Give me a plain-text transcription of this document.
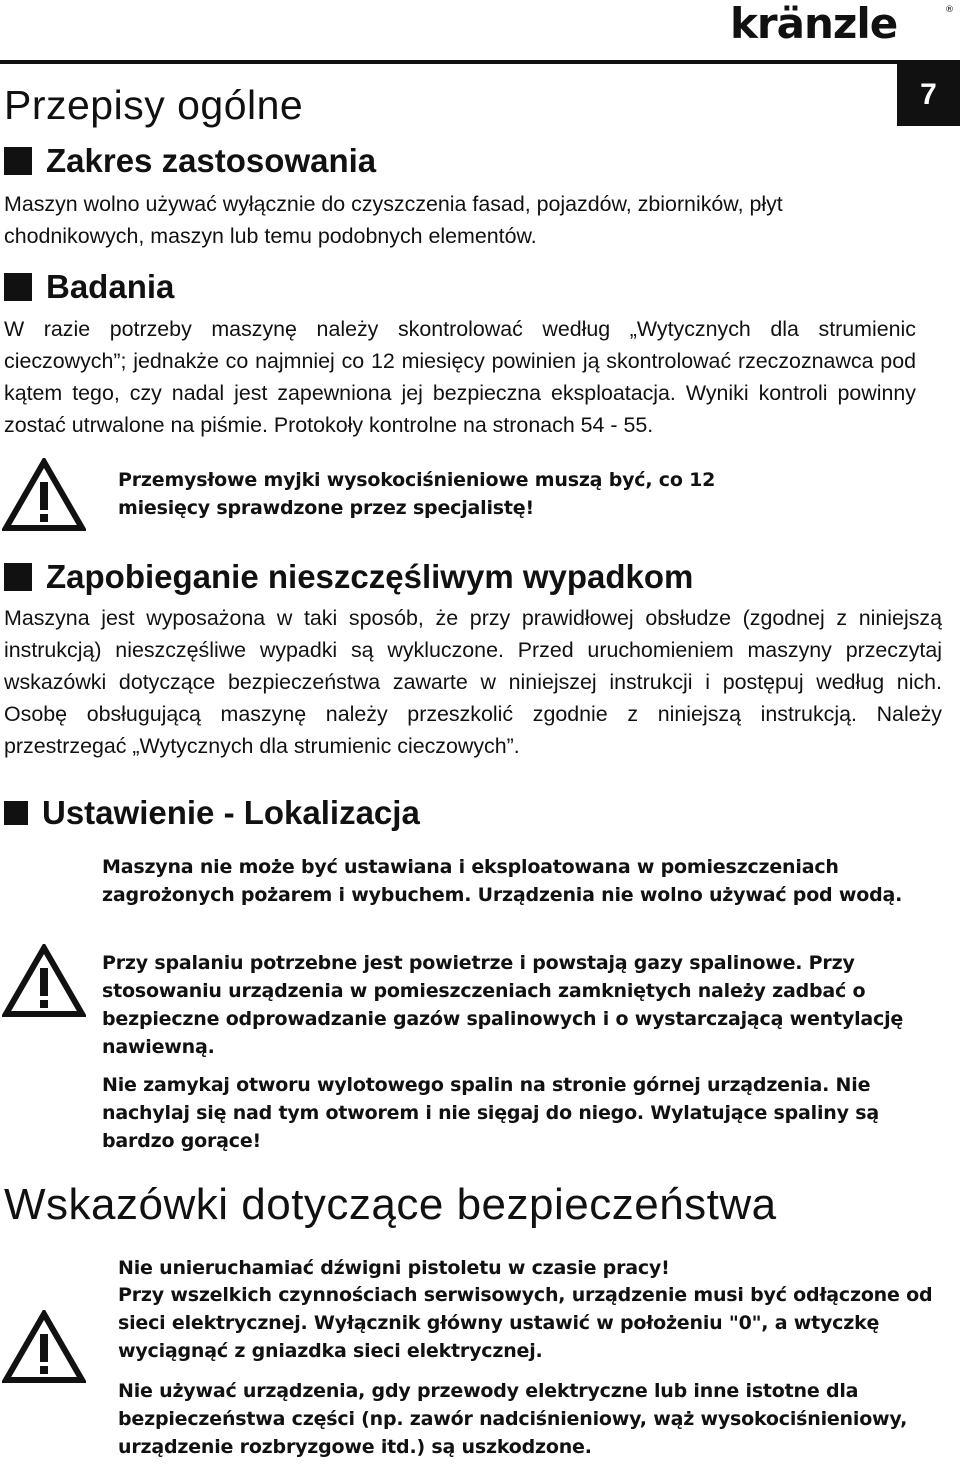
kränzle	®
7
Przepisy ogólne
Zakres zastosowania

Maszyn wolno używać wyłącznie do czyszczenia fasad, pojazdów, zbiorników, płyt chodnikowych, maszyn lub temu podobnych elementów.

Badania

W razie potrzeby maszynę należy skontrolować według „Wytycznych dla strumienic cieczowych”; jednakże co najmniej co 12 miesięcy powinien ją skontrolować rzeczoznawca pod kątem tego, czy nadal jest zapewniona jej bezpieczna eksploatacja. Wyniki kontroli powinny zostać utrwalone na piśmie. Protokoły kontrolne na stronach 54 - 55.

Przemysłowe myjki wysokociśnieniowe muszą być, co 12 miesięcy sprawdzone przez specjalistę!

Zapobieganie nieszczęśliwym wypadkom

Maszyna jest wyposażona w taki sposób, że przy prawidłowej obsłudze (zgodnej z niniejszą instrukcją) nieszczęśliwe wypadki są wykluczone. Przed uruchomieniem maszyny przeczytaj wskazówki dotyczące bezpieczeństwa zawarte w niniejszej instrukcji i postępuj według nich. Osobę obsługującą maszynę należy przeszkolić zgodnie z niniejszą instrukcją. Należy przestrzegać „Wytycznych dla strumienic cieczowych”.

Ustawienie - Lokalizacja

Maszyna nie może być ustawiana i eksploatowana w pomieszczeniach zagrożonych pożarem i wybuchem. Urządzenia nie wolno używać pod wodą.

Przy spalaniu potrzebne jest powietrze i powstają gazy spalinowe. Przy stosowaniu urządzenia w pomieszczeniach zamkniętych należy zadbać o bezpieczne odprowadzanie gazów spalinowych i o wystarczającą wentylację nawiewną.

Nie zamykaj otworu wylotowego spalin na stronie górnej urządzenia. Nie nachylaj się nad tym otworem i nie sięgaj do niego. Wylatujące spaliny są bardzo gorące!

Wskazówki dotyczące bezpieczeństwa

Nie unieruchamiać dźwigni pistoletu w czasie pracy!

Przy wszelkich czynnościach serwisowych, urządzenie musi być odłączone od sieci elektrycznej. Wyłącznik główny ustawić w położeniu "0", a wtyczkę wyciągnąć z gniazdka sieci elektrycznej.

Nie używać urządzenia, gdy przewody elektryczne lub inne istotne dla bezpieczeństwa części (np. zawór nadciśnieniowy, wąż wysokociśnieniowy, urządzenie rozbryzgowe itd.) są uszkodzone.
